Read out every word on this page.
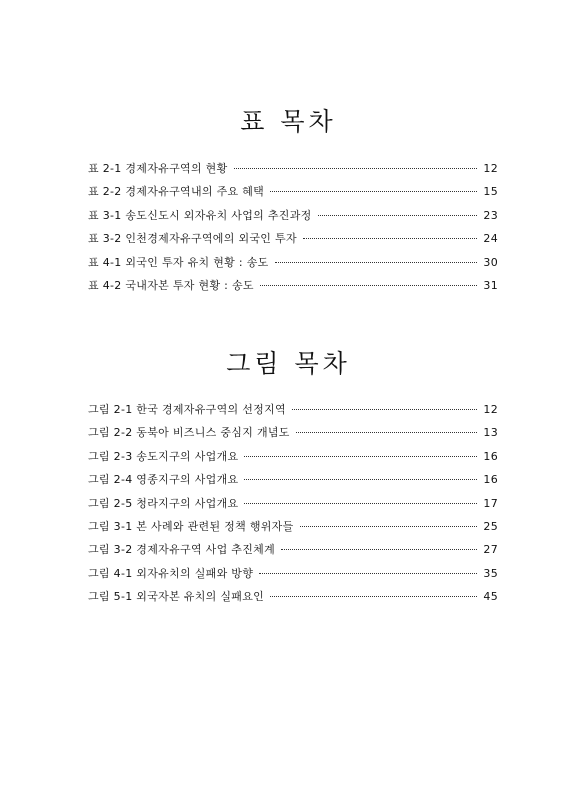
표 목차
표 2-1 경제자유구역의 현황	12
표 2-2 경제자유구역내의 주요 혜택	15
표 3-1 송도신도시 외자유치 사업의 추진과정	23
표 3-2 인천경제자유구역에의 외국인 투자	24
표 4-1 외국인 투자 유치 현황 : 송도	30
표 4-2 국내자본 투자 현황 : 송도	31
그림 목차
그림 2-1 한국 경제자유구역의 선정지역	12
그림 2-2 동북아 비즈니스 중심지 개념도	13
그림 2-3 송도지구의 사업개요	16
그림 2-4 영종지구의 사업개요	16
그림 2-5 청라지구의 사업개요	17
그림 3-1 본 사례와 관련된 정책 행위자들	25
그림 3-2 경제자유구역 사업 추진체계	27
그림 4-1 외자유치의 실패와 방향	35
그림 5-1 외국자본 유치의 실패요인	45
